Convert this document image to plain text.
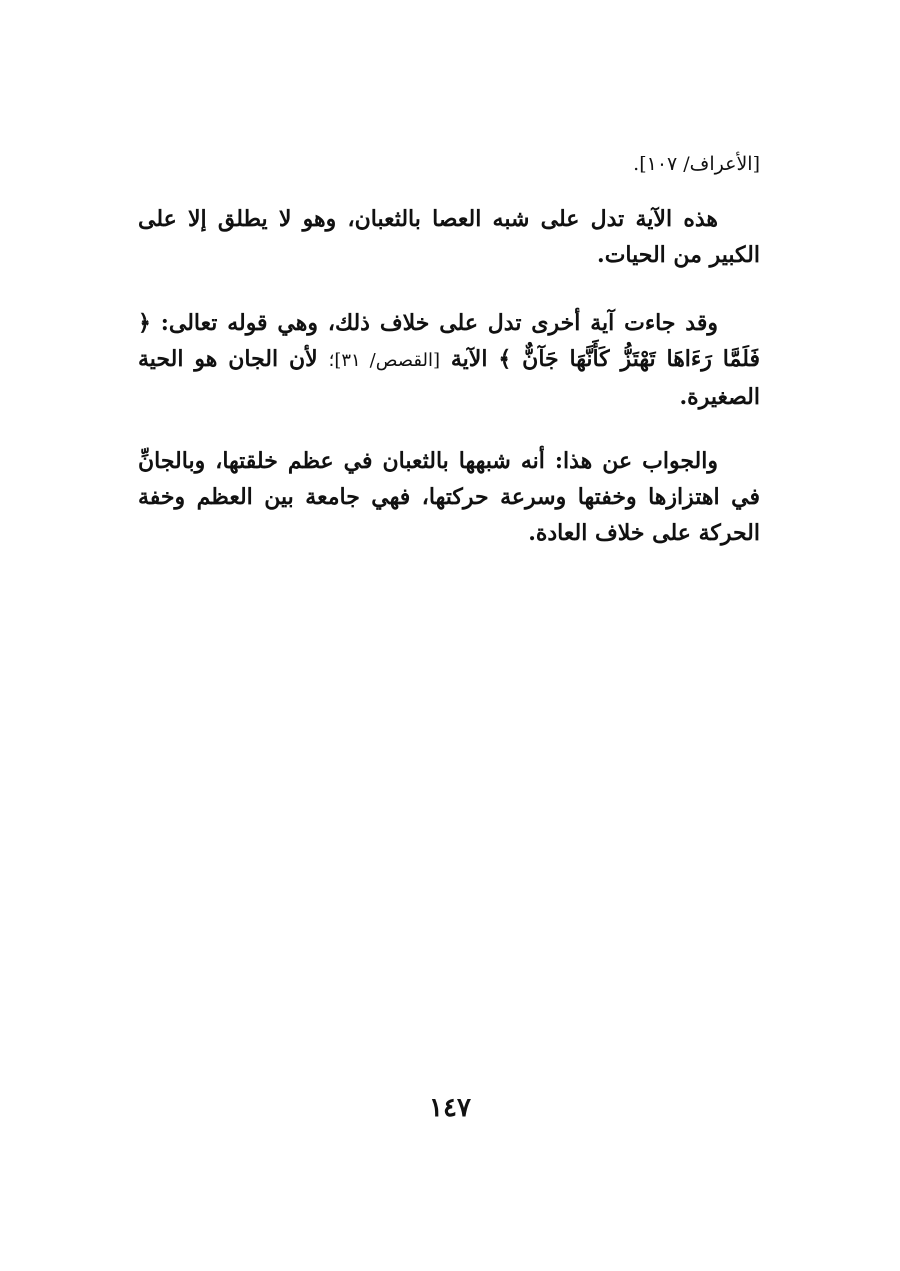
[الأعراف/ ١٠٧].

هذه الآية تدل على شبه العصا بالثعبان، وهو لا يطلق إلا على الكبير من الحيات.

وقد جاءت آية أخرى تدل على خلاف ذلك، وهي قوله تعالى: ﴿ فَلَمَّا رَءَاهَا تَهْتَزُّ كَأَنَّهَا جَآنٌّ ﴾ الآية [القصص/ ٣١]؛ لأن الجان هو الحية الصغيرة.

والجواب عن هذا: أنه شبهها بالثعبان في عظم خلقتها، وبالجانِّ في اهتزازها وخفتها وسرعة حركتها، فهي جامعة بين العظم وخفة الحركة على خلاف العادة.

١٤٧
